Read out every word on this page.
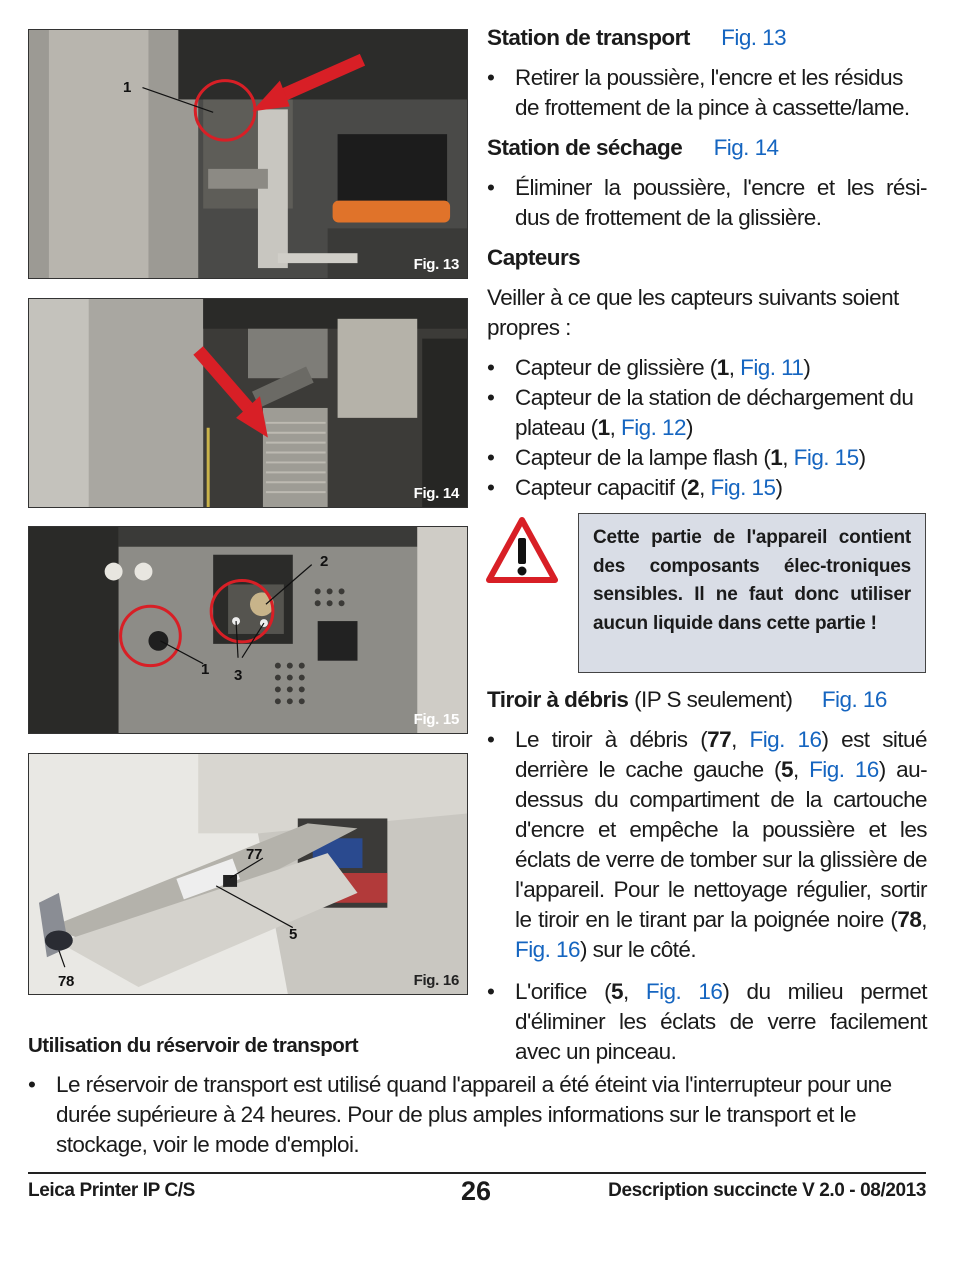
1
Fig. 13
Fig. 14
2
1 3
Fig. 15
77
5
78	Fig. 16
Station de transport Fig. 13
• Retirer la poussière, l'encre et les résidus de frottement de la pince à cassette/lame.
Station de séchage Fig. 14
• Éliminer la poussière, l'encre et les rési-
dus de frottement de la glissière.
Capteurs
Veiller à ce que les capteurs suivants soient
propres :
• Capteur de glissière (1, Fig. 11)
• Capteur de la station de déchargement du plateau (1, Fig. 12)
• Capteur de la lampe flash (1, Fig. 15)
• Capteur capacitif (2, Fig. 15)
Cette partie de l'appareil contient des composants élec-troniques sensibles. Il ne faut donc utiliser aucun liquide dans cette partie !
Tiroir à débris (IP S seulement) Fig. 16
• Le tiroir à débris (77, Fig. 16) est situé derrière le cache gauche (5, Fig. 16) au-dessus du compartiment de la cartouche d'encre et empêche la poussière et les éclats de verre de tomber sur la glissière de l'appareil. Pour le nettoyage régulier, sortir le tiroir en le tirant par la poignée noire (78, Fig. 16) sur le côté.
• L'orifice (5, Fig. 16) du milieu permet d'éliminer les éclats de verre facilement avec un pinceau.
Utilisation du réservoir de transport
• Le réservoir de transport est utilisé quand l'appareil a été éteint via l'interrupteur pour une durée supérieure à 24 heures. Pour de plus amples informations sur le transport et le stockage, voir le mode d'emploi.
Leica Printer IP C/S	26	Description succincte V 2.0 - 08/2013
